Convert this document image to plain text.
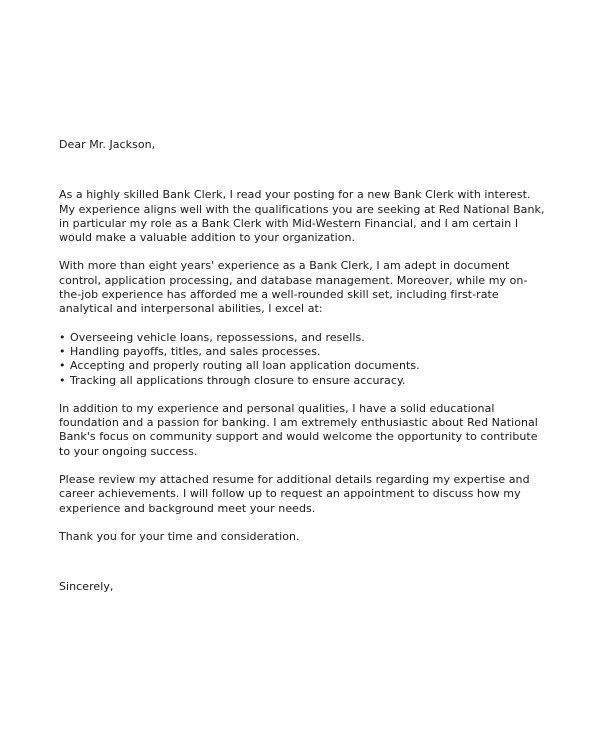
Dear Mr. Jackson,

As a highly skilled Bank Clerk, I read your posting for a new Bank Clerk with interest. My experience aligns well with the qualifications you are seeking at Red National Bank, in particular my role as a Bank Clerk with Mid-Western Financial, and I am certain I would make a valuable addition to your organization.

With more than eight years' experience as a Bank Clerk, I am adept in document control, application processing, and database management. Moreover, while my on-the-job experience has afforded me a well-rounded skill set, including first-rate analytical and interpersonal abilities, I excel at:

• Overseeing vehicle loans, repossessions, and resells.
• Handling payoffs, titles, and sales processes.
• Accepting and properly routing all loan application documents.
• Tracking all applications through closure to ensure accuracy.

In addition to my experience and personal qualities, I have a solid educational foundation and a passion for banking. I am extremely enthusiastic about Red National Bank's focus on community support and would welcome the opportunity to contribute to your ongoing success.

Please review my attached resume for additional details regarding my expertise and career achievements. I will follow up to request an appointment to discuss how my experience and background meet your needs.

Thank you for your time and consideration.

Sincerely,
